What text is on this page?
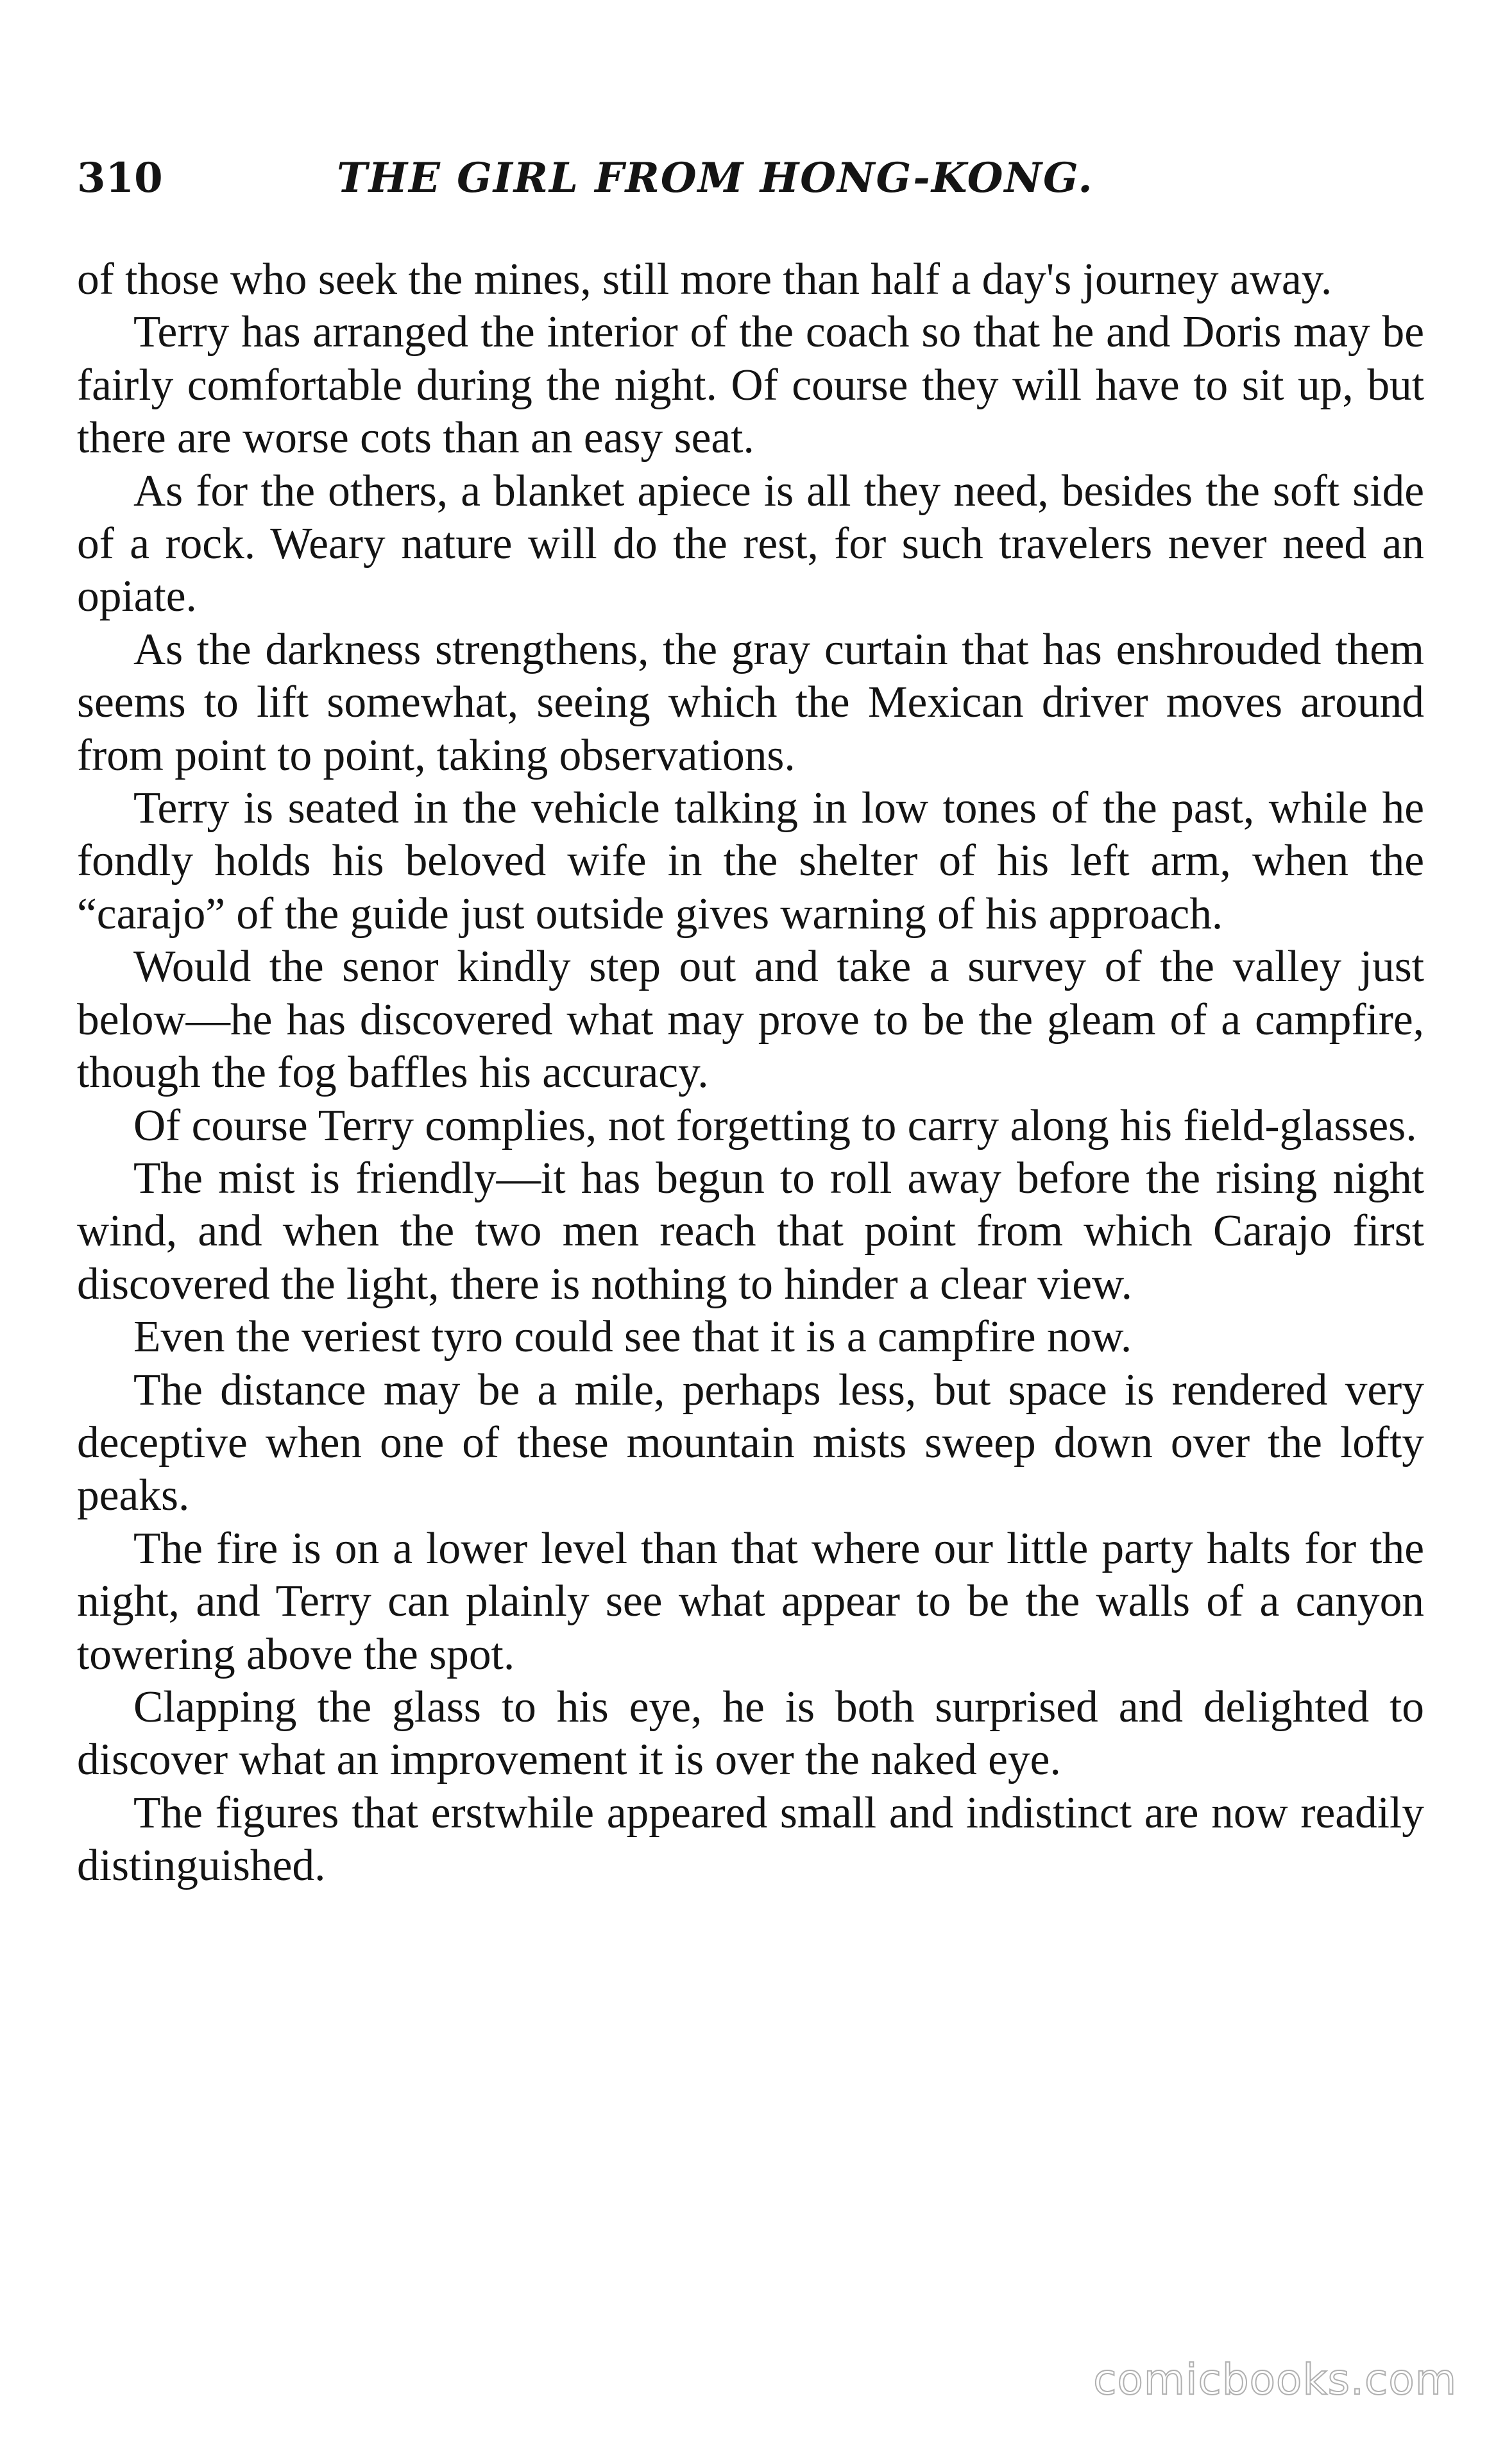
310	THE GIRL FROM HONG-KONG.

of those who seek the mines, still more than half a day's journey away.

Terry has arranged the interior of the coach so that he and Doris may be fairly comfortable during the night. Of course they will have to sit up, but there are worse cots than an easy seat.

As for the others, a blanket apiece is all they need, besides the soft side of a rock. Weary nature will do the rest, for such travelers never need an opiate.

As the darkness strengthens, the gray curtain that has enshrouded them seems to lift somewhat, seeing which the Mexican driver moves around from point to point, taking observations.

Terry is seated in the vehicle talking in low tones of the past, while he fondly holds his beloved wife in the shelter of his left arm, when the “carajo” of the guide just outside gives warning of his approach.

Would the senor kindly step out and take a survey of the valley just below—he has discovered what may prove to be the gleam of a campfire, though the fog baffles his accuracy.

Of course Terry complies, not forgetting to carry along his field-glasses.

The mist is friendly—it has begun to roll away before the rising night wind, and when the two men reach that point from which Carajo first discovered the light, there is nothing to hinder a clear view.

Even the veriest tyro could see that it is a campfire now.

The distance may be a mile, perhaps less, but space is rendered very deceptive when one of these mountain mists sweep down over the lofty peaks.

The fire is on a lower level than that where our little party halts for the night, and Terry can plainly see what appear to be the walls of a canyon towering above the spot.

Clapping the glass to his eye, he is both surprised and delighted to discover what an improvement it is over the naked eye.

The figures that erstwhile appeared small and indistinct are now readily distinguished.

comicbooks.com
